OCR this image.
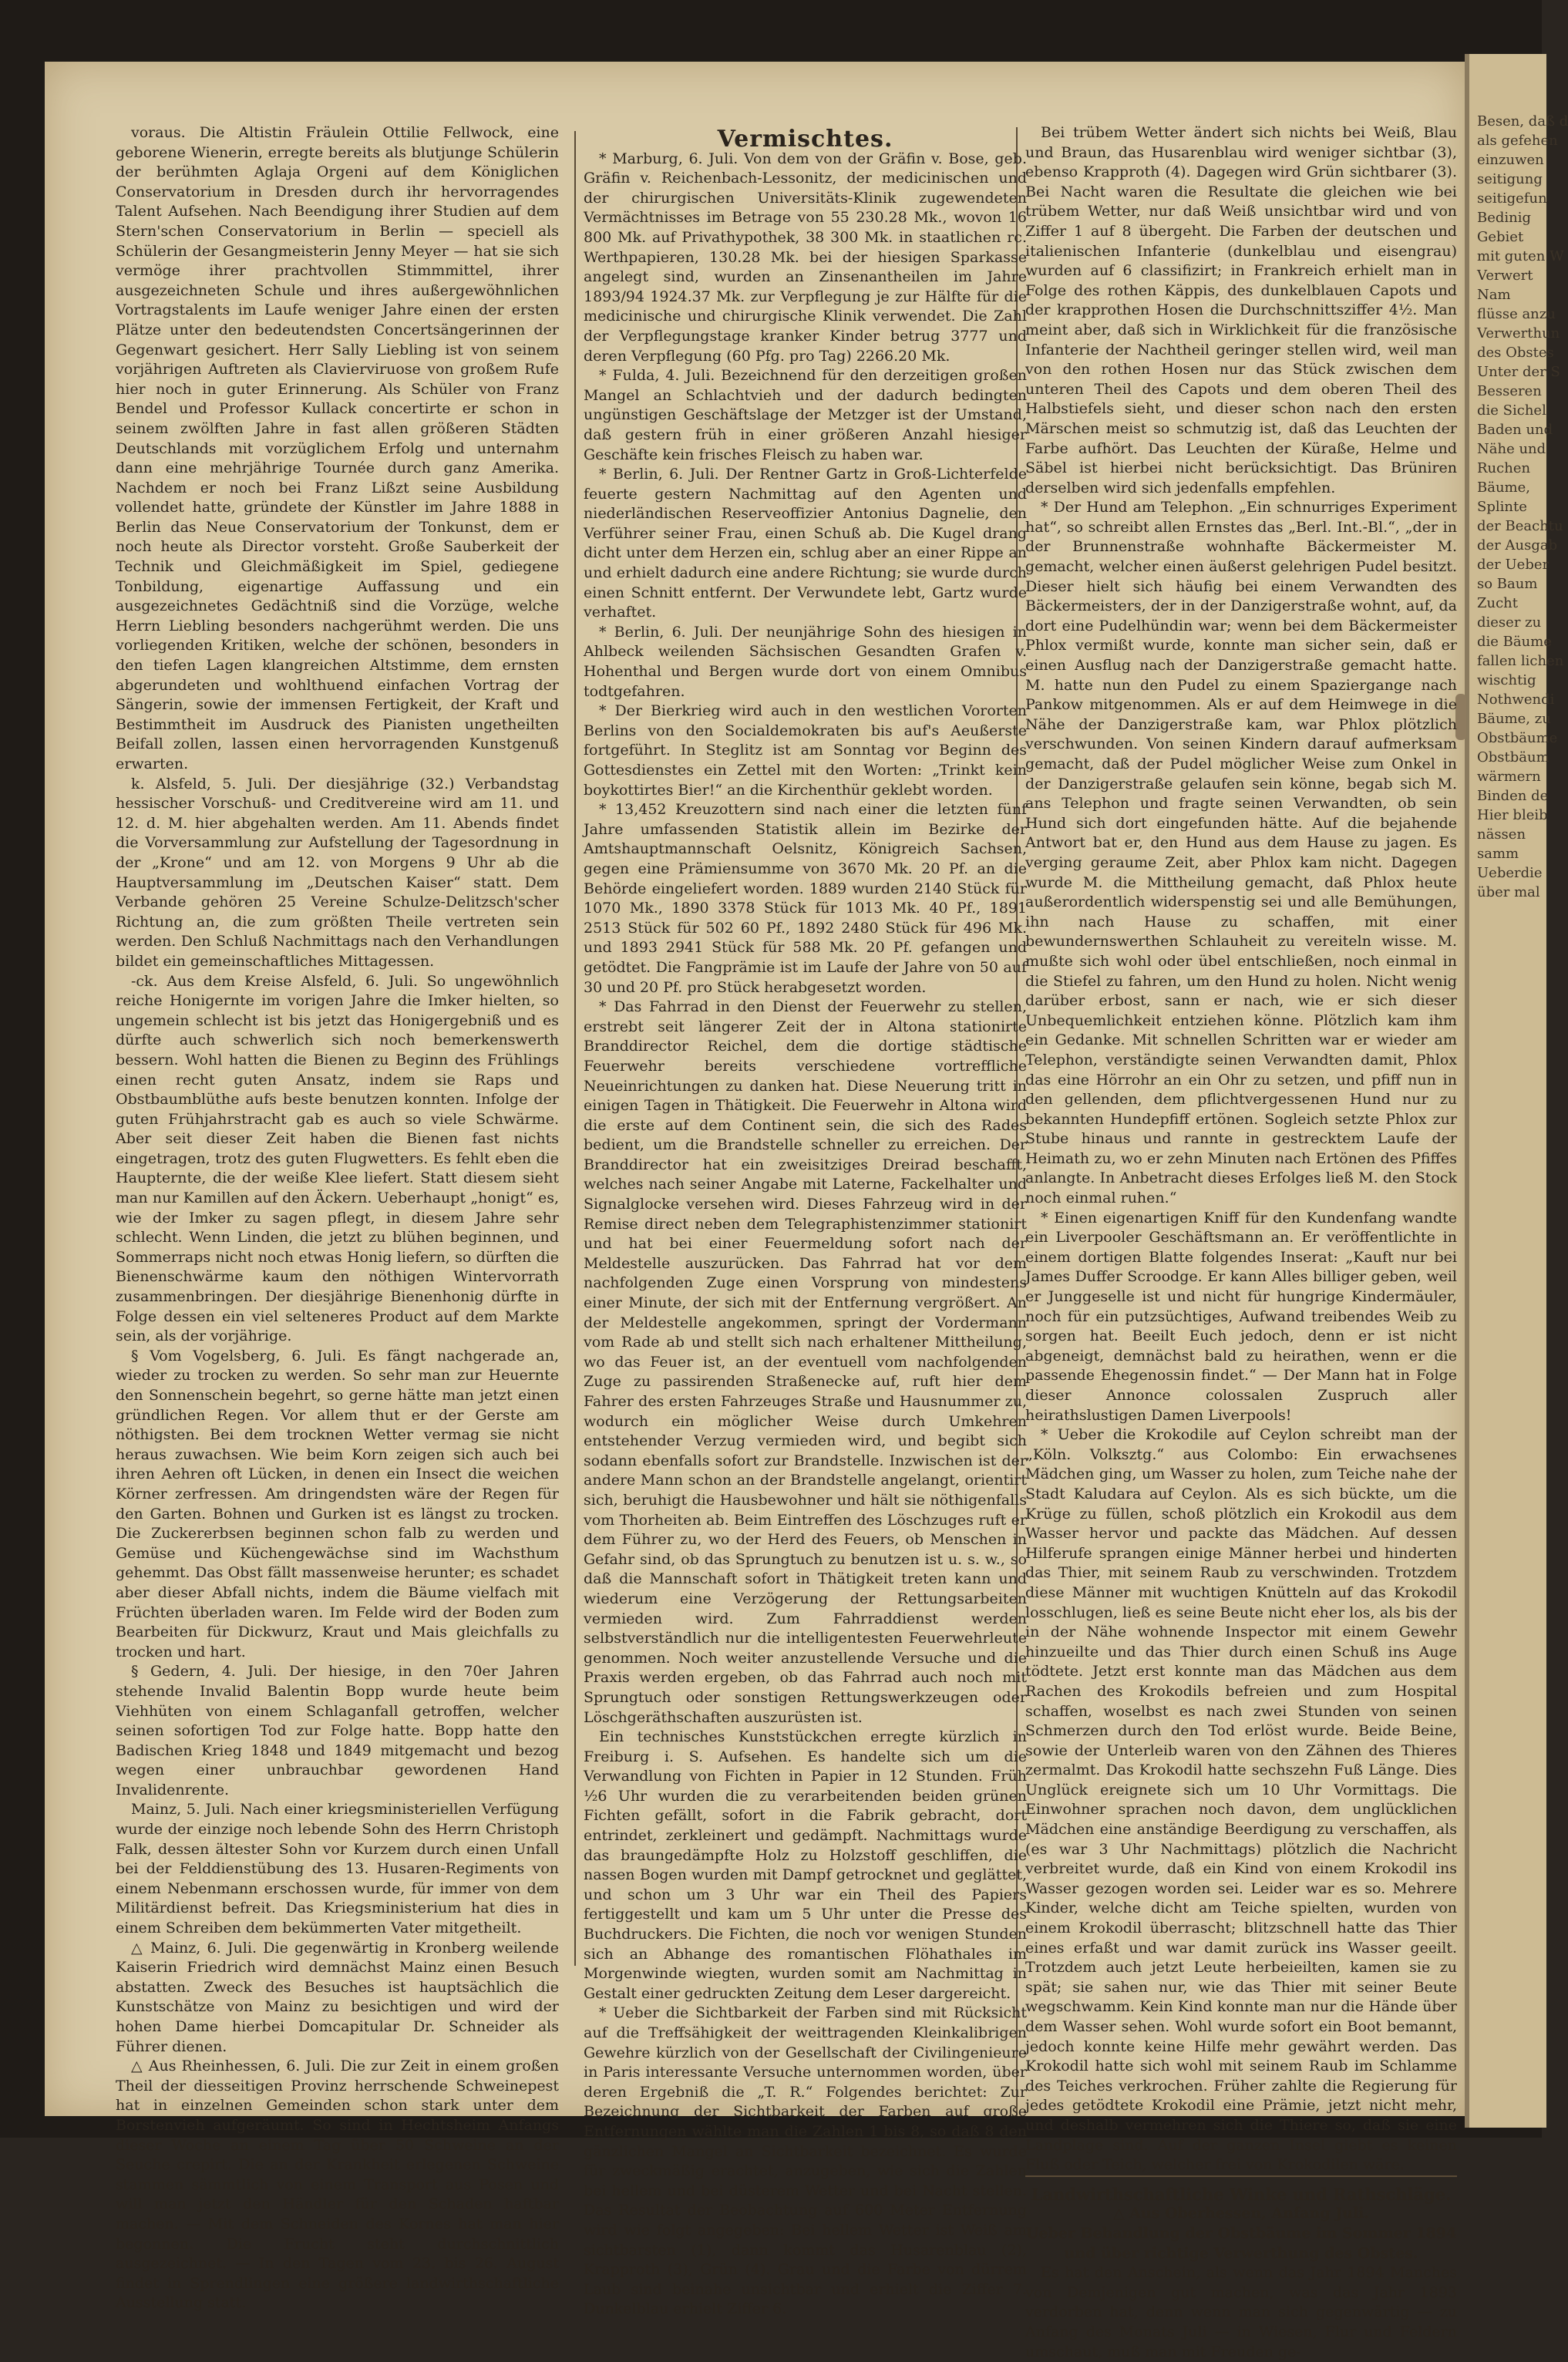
Besen, daß d
als gefehen
einzuwen
seitigung
seitigefun
Bedinig
Gebiet
mit guten W
Verwert
Nam
flüsse anzu
Verwerthun
des Obstes
Unter der S
Besseren
die Sichel
Baden und
Nähe und
Ruchen
Bäume,
Splinte
der Beachtu
der Ausgab
der Ueber
so Baum
Zucht
dieser zu
die Bäume
fallen lichen
wischtig
Nothwendi
Bäume, zu
Obstbäume
Obstbäum
wärmern
Binden de
Hier bleib
nässen
samm
Ueberdie
über mal

voraus. Die Altistin Fräulein Ottilie Fellwock, eine geborene Wienerin, erregte bereits als blutjunge Schülerin der berühmten Aglaja Orgeni auf dem Königlichen Conservatorium in Dresden durch ihr hervorragendes Talent Aufsehen. Nach Beendigung ihrer Studien auf dem Stern'schen Conservatorium in Berlin — speciell als Schülerin der Gesangmeisterin Jenny Meyer — hat sie sich vermöge ihrer prachtvollen Stimmmittel, ihrer ausgezeichneten Schule und ihres außergewöhnlichen Vortragstalents im Laufe weniger Jahre einen der ersten Plätze unter den bedeutendsten Concertsängerinnen der Gegenwart gesichert. Herr Sally Liebling ist von seinem vorjährigen Auftreten als Clavierviruose von großem Rufe hier noch in guter Erinnerung. Als Schüler von Franz Bendel und Professor Kullack concertirte er schon in seinem zwölften Jahre in fast allen größeren Städten Deutschlands mit vorzüglichem Erfolg und unternahm dann eine mehrjährige Tournée durch ganz Amerika. Nachdem er noch bei Franz Lißzt seine Ausbildung vollendet hatte, gründete der Künstler im Jahre 1888 in Berlin das Neue Conservatorium der Tonkunst, dem er noch heute als Director vorsteht. Große Sauberkeit der Technik und Gleichmäßigkeit im Spiel, gediegene Tonbildung, eigenartige Auffassung und ein ausgezeichnetes Gedächtniß sind die Vorzüge, welche Herrn Liebling besonders nachgerühmt werden. Die uns vorliegenden Kritiken, welche der schönen, besonders in den tiefen Lagen klangreichen Altstimme, dem ernsten abgerundeten und wohlthuend einfachen Vortrag der Sängerin, sowie der immensen Fertigkeit, der Kraft und Bestimmtheit im Ausdruck des Pianisten ungetheilten Beifall zollen, lassen einen hervorragenden Kunstgenuß erwarten.

k. Alsfeld, 5. Juli. Der diesjährige (32.) Verbandstag hessischer Vorschuß- und Creditvereine wird am 11. und 12. d. M. hier abgehalten werden. Am 11. Abends findet die Vorversammlung zur Aufstellung der Tagesordnung in der „Krone“ und am 12. von Morgens 9 Uhr ab die Hauptversammlung im „Deutschen Kaiser“ statt. Dem Verbande gehören 25 Vereine Schulze-Delitzsch'scher Richtung an, die zum größten Theile vertreten sein werden. Den Schluß Nachmittags nach den Verhandlungen bildet ein gemeinschaftliches Mittagessen.

-ck. Aus dem Kreise Alsfeld, 6. Juli. So ungewöhnlich reiche Honigernte im vorigen Jahre die Imker hielten, so ungemein schlecht ist bis jetzt das Honigergebniß und es dürfte auch schwerlich sich noch bemerkenswerth bessern. Wohl hatten die Bienen zu Beginn des Frühlings einen recht guten Ansatz, indem sie Raps und Obstbaumblüthe aufs beste benutzen konnten. Infolge der guten Frühjahrstracht gab es auch so viele Schwärme. Aber seit dieser Zeit haben die Bienen fast nichts eingetragen, trotz des guten Flugwetters. Es fehlt eben die Haupternte, die der weiße Klee liefert. Statt diesem sieht man nur Kamillen auf den Äckern. Ueberhaupt „honigt“ es, wie der Imker zu sagen pflegt, in diesem Jahre sehr schlecht. Wenn Linden, die jetzt zu blühen beginnen, und Sommerraps nicht noch etwas Honig liefern, so dürften die Bienenschwärme kaum den nöthigen Wintervorrath zusammenbringen. Der diesjährige Bienenhonig dürfte in Folge dessen ein viel selteneres Product auf dem Markte sein, als der vorjährige.

§ Vom Vogelsberg, 6. Juli. Es fängt nachgerade an, wieder zu trocken zu werden. So sehr man zur Heuernte den Sonnenschein begehrt, so gerne hätte man jetzt einen gründlichen Regen. Vor allem thut er der Gerste am nöthigsten. Bei dem trocknen Wetter vermag sie nicht heraus zuwachsen. Wie beim Korn zeigen sich auch bei ihren Aehren oft Lücken, in denen ein Insect die weichen Körner zerfressen. Am dringendsten wäre der Regen für den Garten. Bohnen und Gurken ist es längst zu trocken. Die Zuckererbsen beginnen schon falb zu werden und Gemüse und Küchengewächse sind im Wachsthum gehemmt. Das Obst fällt massenweise herunter; es schadet aber dieser Abfall nichts, indem die Bäume vielfach mit Früchten überladen waren. Im Felde wird der Boden zum Bearbeiten für Dickwurz, Kraut und Mais gleichfalls zu trocken und hart.

§ Gedern, 4. Juli. Der hiesige, in den 70er Jahren stehende Invalid Balentin Bopp wurde heute beim Viehhüten von einem Schlaganfall getroffen, welcher seinen sofortigen Tod zur Folge hatte. Bopp hatte den Badischen Krieg 1848 und 1849 mitgemacht und bezog wegen einer unbrauchbar gewordenen Hand Invalidenrente.

Mainz, 5. Juli. Nach einer kriegsministeriellen Verfügung wurde der einzige noch lebende Sohn des Herrn Christoph Falk, dessen ältester Sohn vor Kurzem durch einen Unfall bei der Felddienstübung des 13. Husaren-Regiments von einem Nebenmann erschossen wurde, für immer von dem Militärdienst befreit. Das Kriegsministerium hat dies in einem Schreiben dem bekümmerten Vater mitgetheilt.

△ Mainz, 6. Juli. Die gegenwärtig in Kronberg weilende Kaiserin Friedrich wird demnächst Mainz einen Besuch abstatten. Zweck des Besuches ist hauptsächlich die Kunstschätze von Mainz zu besichtigen und wird der hohen Dame hierbei Domcapitular Dr. Schneider als Führer dienen.

△ Aus Rheinhessen, 6. Juli. Die zur Zeit in einem großen Theil der diesseitigen Provinz herrschende Schweinepest hat in einzelnen Gemeinden schon stark unter dem Borstenvieh aufgeräumt. So sind in Hechtsheim Anfangs dieser Woche an einem Tag über 50 Schweine an der Seuche crepirt. Die an der Krankheit erlegenen Schweine stammen sämmtlich von einem Transport aus Posen und will man jetzt den Händler für den Schaden haftbar machen. — Mit dem Schneiden des Kornes hat man hier begonnen. Die Frucht steht durchschnittlich ausgezeichnet. — In den Tagen vom 23. bis 26. August findet in Sprendlingen eine größere landwirthschaftliche Ausstellung statt.

Vermischtes.

* Marburg, 6. Juli. Von dem von der Gräfin v. Bose, geb. Gräfin v. Reichenbach-Lessonitz, der medicinischen und der chirurgischen Universitäts-Klinik zugewendeten Vermächtnisses im Betrage von 55 230.28 Mk., wovon 16 800 Mk. auf Privathypothek, 38 300 Mk. in staatlichen rc. Werthpapieren, 130.28 Mk. bei der hiesigen Sparkasse angelegt sind, wurden an Zinsenantheilen im Jahre 1893/94 1924.37 Mk. zur Verpflegung je zur Hälfte für die medicinische und chirurgische Klinik verwendet. Die Zahl der Verpflegungstage kranker Kinder betrug 3777 und deren Verpflegung (60 Pfg. pro Tag) 2266.20 Mk.

* Fulda, 4. Juli. Bezeichnend für den derzeitigen großen Mangel an Schlachtvieh und der dadurch bedingten ungünstigen Geschäftslage der Metzger ist der Umstand, daß gestern früh in einer größeren Anzahl hiesiger Geschäfte kein frisches Fleisch zu haben war.

* Berlin, 6. Juli. Der Rentner Gartz in Groß-Lichterfelde feuerte gestern Nachmittag auf den Agenten und niederländischen Reserveoffizier Antonius Dagnelie, den Verführer seiner Frau, einen Schuß ab. Die Kugel drang dicht unter dem Herzen ein, schlug aber an einer Rippe an und erhielt dadurch eine andere Richtung; sie wurde durch einen Schnitt entfernt. Der Verwundete lebt, Gartz wurde verhaftet.

* Berlin, 6. Juli. Der neunjährige Sohn des hiesigen in Ahlbeck weilenden Sächsischen Gesandten Grafen v. Hohenthal und Bergen wurde dort von einem Omnibus todtgefahren.

* Der Bierkrieg wird auch in den westlichen Vororten Berlins von den Socialdemokraten bis auf's Aeußerste fortgeführt. In Steglitz ist am Sonntag vor Beginn des Gottesdienstes ein Zettel mit den Worten: „Trinkt kein boykottirtes Bier!“ an die Kirchenthür geklebt worden.

* 13,452 Kreuzottern sind nach einer die letzten fünf Jahre umfassenden Statistik allein im Bezirke der Amtshauptmannschaft Oelsnitz, Königreich Sachsen, gegen eine Prämiensumme von 3670 Mk. 20 Pf. an die Behörde eingeliefert worden. 1889 wurden 2140 Stück für 1070 Mk., 1890 3378 Stück für 1013 Mk. 40 Pf., 1891 2513 Stück für 502 60 Pf., 1892 2480 Stück für 496 Mk. und 1893 2941 Stück für 588 Mk. 20 Pf. gefangen und getödtet. Die Fangprämie ist im Laufe der Jahre von 50 auf 30 und 20 Pf. pro Stück herabgesetzt worden.

* Das Fahrrad in den Dienst der Feuerwehr zu stellen, erstrebt seit längerer Zeit der in Altona stationirte Branddirector Reichel, dem die dortige städtische Feuerwehr bereits verschiedene vortreffliche Neueinrichtungen zu danken hat. Diese Neuerung tritt in einigen Tagen in Thätigkeit. Die Feuerwehr in Altona wird die erste auf dem Continent sein, die sich des Rades bedient, um die Brandstelle schneller zu erreichen. Der Branddirector hat ein zweisitziges Dreirad beschafft, welches nach seiner Angabe mit Laterne, Fackelhalter und Signalglocke versehen wird. Dieses Fahrzeug wird in der Remise direct neben dem Telegraphistenzimmer stationirt und hat bei einer Feuermeldung sofort nach der Meldestelle auszurücken. Das Fahrrad hat vor dem nachfolgenden Zuge einen Vorsprung von mindestens einer Minute, der sich mit der Entfernung vergrößert. An der Meldestelle angekommen, springt der Vordermann vom Rade ab und stellt sich nach erhaltener Mittheilung, wo das Feuer ist, an der eventuell vom nachfolgenden Zuge zu passirenden Straßenecke auf, ruft hier dem Fahrer des ersten Fahrzeuges Straße und Hausnummer zu, wodurch ein möglicher Weise durch Umkehren entstehender Verzug vermieden wird, und begibt sich sodann ebenfalls sofort zur Brandstelle. Inzwischen ist der andere Mann schon an der Brandstelle angelangt, orientirt sich, beruhigt die Hausbewohner und hält sie nöthigenfalls vom Thorheiten ab. Beim Eintreffen des Löschzuges ruft er dem Führer zu, wo der Herd des Feuers, ob Menschen in Gefahr sind, ob das Sprungtuch zu benutzen ist u. s. w., so daß die Mannschaft sofort in Thätigkeit treten kann und wiederum eine Verzögerung der Rettungsarbeiten vermieden wird. Zum Fahrraddienst werden selbstverständlich nur die intelligentesten Feuerwehrleute genommen. Noch weiter anzustellende Versuche und die Praxis werden ergeben, ob das Fahrrad auch noch mit Sprungtuch oder sonstigen Rettungswerkzeugen oder Löschgeräthschaften auszurüsten ist.

Ein technisches Kunststückchen erregte kürzlich in Freiburg i. S. Aufsehen. Es handelte sich um die Verwandlung von Fichten in Papier in 12 Stunden. Früh ½6 Uhr wurden die zu verarbeitenden beiden grünen Fichten gefällt, sofort in die Fabrik gebracht, dort entrindet, zerkleinert und gedämpft. Nachmittags wurde das braungedämpfte Holz zu Holzstoff geschliffen, die nassen Bogen wurden mit Dampf getrocknet und geglättet, und schon um 3 Uhr war ein Theil des Papiers fertiggestellt und kam um 5 Uhr unter die Presse des Buchdruckers. Die Fichten, die noch vor wenigen Stunden sich an Abhange des romantischen Flöhathales im Morgenwinde wiegten, wurden somit am Nachmittag in Gestalt einer gedruckten Zeitung dem Leser dargereicht.

* Ueber die Sichtbarkeit der Farben sind mit Rücksicht auf die Treffsähigkeit der weittragenden Kleinkalibrigen Gewehre kürzlich von der Gesellschaft der Civilingenieure in Paris interessante Versuche unternommen worden, über deren Ergebniß die „T. R.“ Folgendes berichtet: Zur Bezeichnung der Sichtbarkeit der Farben auf große Entfernungen wählte man die Zahlen 1 bis 8, so daß 8 den gänzlichen Mangel an Sichtbarkeit bezeichnet. Es wurde für zweckmäßig erachtet, anzugeben, wie sich die Zahlen bei hellem und bei düsterem Wetter und bei Nacht stellen. Das Resultat der Beobachtung auf 600 Meter Entfernung wird wie folgt angegeben: Bei hellem Wetter ist Weiß am sichtbarsten (1), dann kommt das Husarenblau (2), Krapproth (3), Grün (4). Grau und die Farbe von dürrem Laub sind beinahe unsichtbar und erhielt die Ziffer 7. Dunkelblau erhielt Ziffer 6.

Bei trübem Wetter ändert sich nichts bei Weiß, Blau und Braun, das Husarenblau wird weniger sichtbar (3), ebenso Krapproth (4). Dagegen wird Grün sichtbarer (3). Bei Nacht waren die Resultate die gleichen wie bei trübem Wetter, nur daß Weiß unsichtbar wird und von Ziffer 1 auf 8 übergeht. Die Farben der deutschen und italienischen Infanterie (dunkelblau und eisengrau) wurden auf 6 classifizirt; in Frankreich erhielt man in Folge des rothen Käppis, des dunkelblauen Capots und der krapprothen Hosen die Durchschnittsziffer 4½. Man meint aber, daß sich in Wirklichkeit für die französische Infanterie der Nachtheil geringer stellen wird, weil man von den rothen Hosen nur das Stück zwischen dem unteren Theil des Capots und dem oberen Theil des Halbstiefels sieht, und dieser schon nach den ersten Märschen meist so schmutzig ist, daß das Leuchten der Farbe aufhört. Das Leuchten der Küraße, Helme und Säbel ist hierbei nicht berücksichtigt. Das Brüniren derselben wird sich jedenfalls empfehlen.

* Der Hund am Telephon. „Ein schnurriges Experiment hat“, so schreibt allen Ernstes das „Berl. Int.-Bl.“, „der in der Brunnenstraße wohnhafte Bäckermeister M. gemacht, welcher einen äußerst gelehrigen Pudel besitzt. Dieser hielt sich häufig bei einem Verwandten des Bäckermeisters, der in der Danzigerstraße wohnt, auf, da dort eine Pudelhündin war; wenn bei dem Bäckermeister Phlox vermißt wurde, konnte man sicher sein, daß er einen Ausflug nach der Danzigerstraße gemacht hatte. M. hatte nun den Pudel zu einem Spaziergange nach Pankow mitgenommen. Als er auf dem Heimwege in die Nähe der Danzigerstraße kam, war Phlox plötzlich verschwunden. Von seinen Kindern darauf aufmerksam gemacht, daß der Pudel möglicher Weise zum Onkel in der Danzigerstraße gelaufen sein könne, begab sich M. ans Telephon und fragte seinen Verwandten, ob sein Hund sich dort eingefunden hätte. Auf die bejahende Antwort bat er, den Hund aus dem Hause zu jagen. Es verging geraume Zeit, aber Phlox kam nicht. Dagegen wurde M. die Mittheilung gemacht, daß Phlox heute außerordentlich widerspenstig sei und alle Bemühungen, ihn nach Hause zu schaffen, mit einer bewundernswerthen Schlauheit zu vereiteln wisse. M. mußte sich wohl oder übel entschließen, noch einmal in die Stiefel zu fahren, um den Hund zu holen. Nicht wenig darüber erbost, sann er nach, wie er sich dieser Unbequemlichkeit entziehen könne. Plötzlich kam ihm ein Gedanke. Mit schnellen Schritten war er wieder am Telephon, verständigte seinen Verwandten damit, Phlox das eine Hörrohr an ein Ohr zu setzen, und pfiff nun in den gellenden, dem pflichtvergessenen Hund nur zu bekannten Hundepfiff ertönen. Sogleich setzte Phlox zur Stube hinaus und rannte in gestrecktem Laufe der Heimath zu, wo er zehn Minuten nach Ertönen des Pfiffes anlangte. In Anbetracht dieses Erfolges ließ M. den Stock noch einmal ruhen.“

* Einen eigenartigen Kniff für den Kundenfang wandte ein Liverpooler Geschäftsmann an. Er veröffentlichte in einem dortigen Blatte folgendes Inserat: „Kauft nur bei James Duffer Scroodge. Er kann Alles billiger geben, weil er Junggeselle ist und nicht für hungrige Kindermäuler, noch für ein putzsüchtiges, Aufwand treibendes Weib zu sorgen hat. Beeilt Euch jedoch, denn er ist nicht abgeneigt, demnächst bald zu heirathen, wenn er die passende Ehegenossin findet.“ — Der Mann hat in Folge dieser Annonce colossalen Zuspruch aller heirathslustigen Damen Liverpools!

* Ueber die Krokodile auf Ceylon schreibt man der „Köln. Volksztg.“ aus Colombo: Ein erwachsenes Mädchen ging, um Wasser zu holen, zum Teiche nahe der Stadt Kaludara auf Ceylon. Als es sich bückte, um die Krüge zu füllen, schoß plötzlich ein Krokodil aus dem Wasser hervor und packte das Mädchen. Auf dessen Hilferufe sprangen einige Männer herbei und hinderten das Thier, mit seinem Raub zu verschwinden. Trotzdem diese Männer mit wuchtigen Knütteln auf das Krokodil losschlugen, ließ es seine Beute nicht eher los, als bis der in der Nähe wohnende Inspector mit einem Gewehr hinzueilte und das Thier durch einen Schuß ins Auge tödtete. Jetzt erst konnte man das Mädchen aus dem Rachen des Krokodils befreien und zum Hospital schaffen, woselbst es nach zwei Stunden von seinen Schmerzen durch den Tod erlöst wurde. Beide Beine, sowie der Unterleib waren von den Zähnen des Thieres zermalmt. Das Krokodil hatte sechszehn Fuß Länge. Dies Unglück ereignete sich um 10 Uhr Vormittags. Die Einwohner sprachen noch davon, dem unglücklichen Mädchen eine anständige Beerdigung zu verschaffen, als (es war 3 Uhr Nachmittags) plötzlich die Nachricht verbreitet wurde, daß ein Kind von einem Krokodil ins Wasser gezogen worden sei. Leider war es so. Mehrere Kinder, welche dicht am Teiche spielten, wurden von einem Krokodil überrascht; blitzschnell hatte das Thier eines erfaßt und war damit zurück ins Wasser geeilt. Trotzdem auch jetzt Leute herbeieilten, kamen sie zu spät; sie sahen nur, wie das Thier mit seiner Beute wegschwamm. Kein Kind konnte man nur die Hände über dem Wasser sehen. Wohl wurde sofort ein Boot bemannt, jedoch konnte keine Hilfe mehr gewährt werden. Das Krokodil hatte sich wohl mit seinem Raub im Schlamme des Teiches verkrochen. Früher zahlte die Regierung für jedes getödtete Krokodil eine Prämie, jetzt nicht mehr, und deshalb vermehren sich die Thiere so, daß sie eine Landplage sind. Auf der ganzen Insel giebt es keinen Fluß oder Teich, welcher frei von Krokodilen wäre.

Landwirthschaftliche Winke und Rathschläge.

△ Aus Oberhessen, Anfang Juli.

Ueber Behandlung der Obstbäume im Sommer 1894 und über richtige Verwerthung des Obstes.

Es hat den Anschein, als wenn das Jahr 1894 Manches von Demjenigen gut machen, was das Jahr 1893 verdorben hat, denn wenn man sich gegenwärtig — zu Anfang des Monats Juli — in Wiesen, Flur und Feldern umschaut, muß man mit Freuden ge-
